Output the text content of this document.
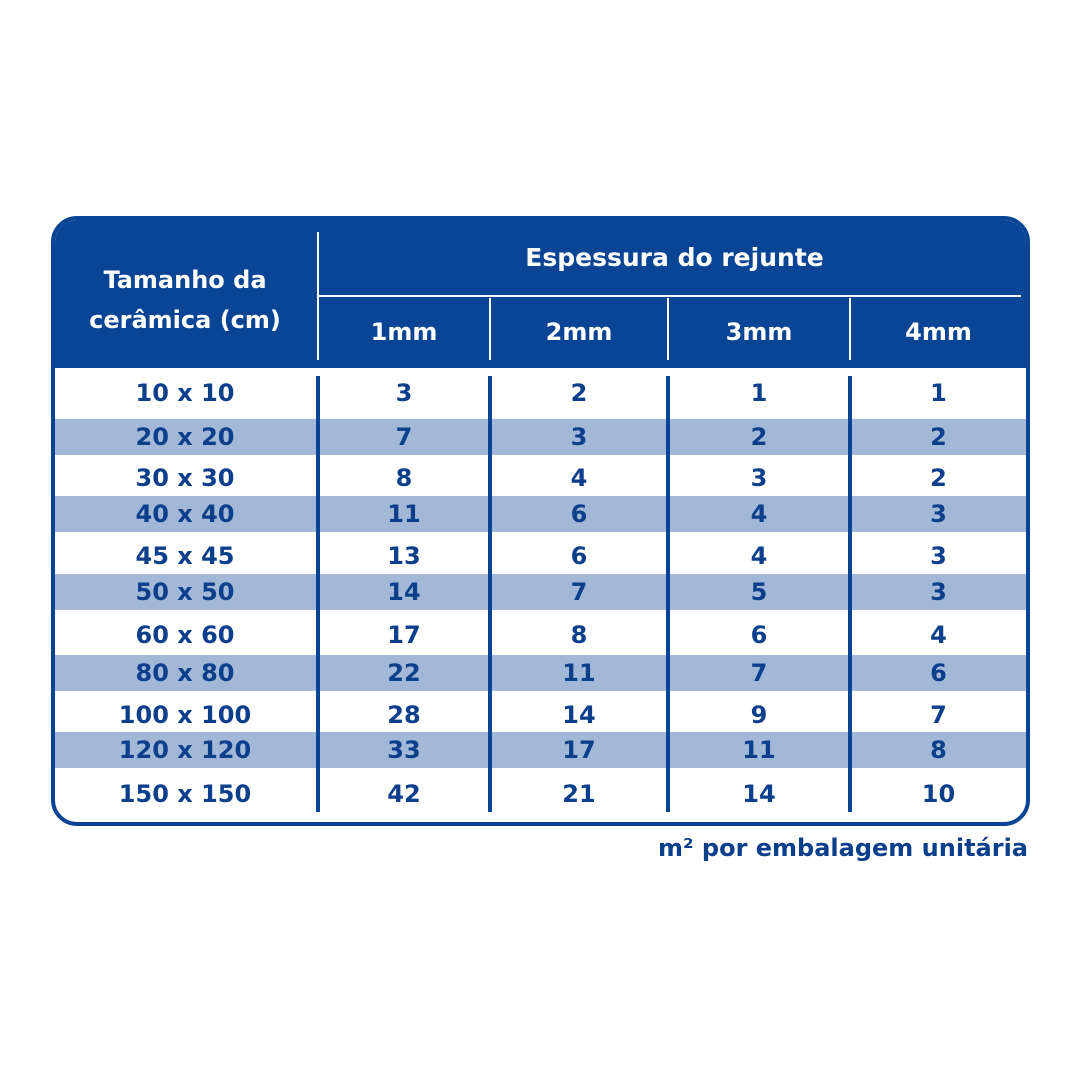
Tamanho da
cerâmica (cm)
Espessura do rejunte
1mm	2mm	3mm	4mm
10 x 10	3	2	1	1
20 x 20	7	3	2	2
30 x 30	8	4	3	2
40 x 40	11	6	4	3
45 x 45	13	6	4	3
50 x 50	14	7	5	3
60 x 60	17	8	6	4
80 x 80	22	11	7	6
100 x 100	28	14	9	7
120 x 120	33	17	11	8
150 x 150	42	21	14	10
m² por embalagem unitária
